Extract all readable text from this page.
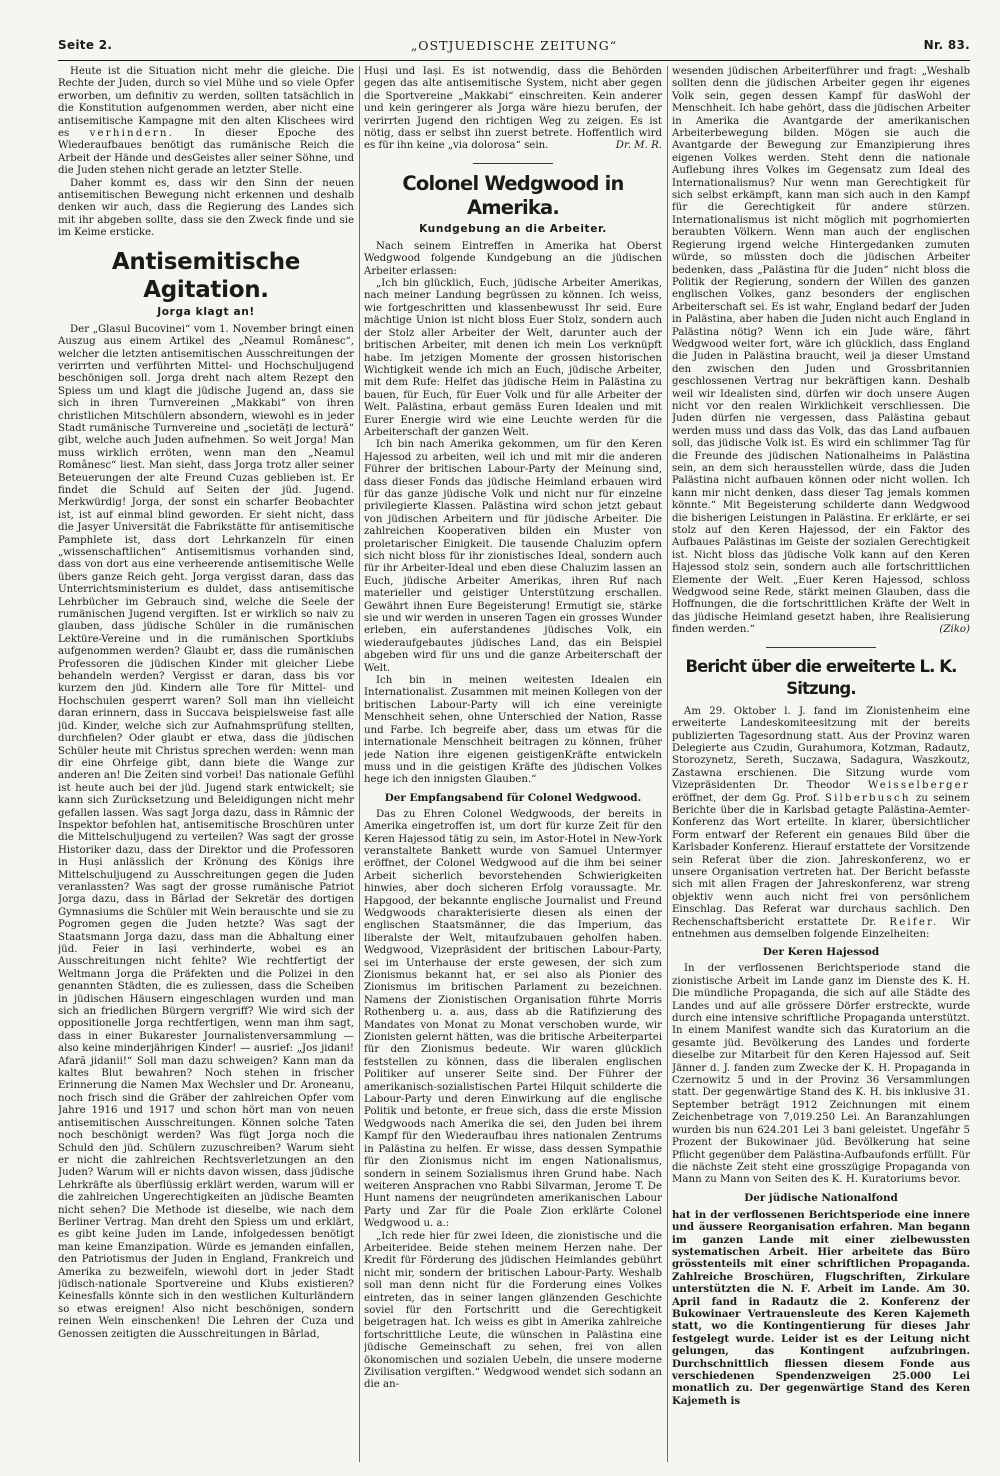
Seite 2.	„OSTJUEDISCHE ZEITUNG“	Nr. 83.

Heute ist die Situation nicht mehr die gleiche. Die Rechte der Juden, durch so viel Mühe und so viele Opfer erworben, um definitiv zu werden, sollten tatsächlich in die Konstitution aufgenommen werden, aber nicht eine antisemitische Kampagne mit den alten Klischees wird es verhindern. In dieser Epoche des Wiederaufbaues benötigt das rumänische Reich die Arbeit der Hände und desGeistes aller seiner Söhne, und die Juden stehen nicht gerade an letzter Stelle.

Daher kommt es, dass wir den Sinn der neuen antisemitischen Bewegung nicht erkennen und deshalb denken wir auch, dass die Regierung des Landes sich mit ihr abgeben sollte, dass sie den Zweck finde und sie im Keime ersticke.

Antisemitische Agitation.
Jorga klagt an!

Der „Glasul Bucovinei“ vom 1. November bringt einen Auszug aus einem Artikel des „Neamul Românesc“, welcher die letzten antisemitischen Ausschreitungen der verirrten und verführten Mittel- und Hochschuljugend beschönigen soll. Jorga dreht nach altem Rezept den Spiess um und klagt die jüdische Jugend an, dass sie sich in ihren Turnvereinen „Makkabi“ von ihren christlichen Mitschülern absondern, wiewohl es in jeder Stadt rumänische Turnvereine und „societăți de lectură“ gibt, welche auch Juden aufnehmen. So weit Jorga! Man muss wirklich erröten, wenn man den „Neamul Românesc“ liest. Man sieht, dass Jorga trotz aller seiner Beteuerungen der alte Freund Cuzas geblieben ist. Er findet die Schuld auf Seiten der jüd. Jugend. Merkwürdig! Jorga, der sonst ein scharfer Beobachter ist, ist auf einmal blind geworden. Er sieht nicht, dass die Jasyer Universität die Fabrikstätte für antisemitische Pamphlete ist, dass dort Lehrkanzeln für einen „wissenschaftlichen“ Antisemitismus vorhanden sind, dass von dort aus eine verheerende antisemitische Welle übers ganze Reich geht. Jorga vergisst daran, dass das Unterrichtsministerium es duldet, dass antisemitische Lehrbücher im Gebrauch sind, welche die Seele der rumänischen Jugend vergiften. Ist er wirklich so naiv zu glauben, dass jüdische Schüler in die rumänischen Lektüre-Vereine und in die rumänischen Sportklubs aufgenommen werden? Glaubt er, dass die rumänischen Professoren die jüdischen Kinder mit gleicher Liebe behandeln werden? Vergisst er daran, dass bis vor kurzem den jüd. Kindern alle Tore für Mittel- und Hochschulen gesperrt waren? Soll man ihn vielleicht daran erinnern, dass in Succava beispielsweise fast alle jüd. Kinder, welche sich zur Aufnahmsprüfung stellten, durchfielen? Oder glaubt er etwa, dass die jüdischen Schüler heute mit Christus sprechen werden: wenn man dir eine Ohrfeige gibt, dann biete die Wange zur anderen an! Die Zeiten sind vorbei! Das nationale Gefühl ist heute auch bei der jüd. Jugend stark entwickelt; sie kann sich Zurücksetzung und Beleidigungen nicht mehr gefallen lassen. Was sagt Jorga dazu, dass in Râmnic der Inspektor befohlen hat, antisemitische Broschüren unter die Mittelschuljugend zu verteilen? Was sagt der grosse Historiker dazu, dass der Direktor und die Professoren in Huși anlässlich der Krönung des Königs ihre Mittelschuljugend zu Ausschreitungen gegen die Juden veranlassten? Was sagt der grosse rumänische Patriot Jorga dazu, dass in Bârlad der Sekretär des dortigen Gymnasiums die Schüler mit Wein berauschte und sie zu Pogromen gegen die Juden hetzte? Was sagt der Staatsmann Jorga dazu, dass man die Abhaltung einer jüd. Feier in Iași verhinderte, wobei es an Ausschreitungen nicht fehlte? Wie rechtfertigt der Weltmann Jorga die Präfekten und die Polizei in den genannten Städten, die es zuliessen, dass die Scheiben in jüdischen Häusern eingeschlagen wurden und man sich an friedlichen Bürgern vergriff? Wie wird sich der oppositionelle Jorga rechtfertigen, wenn man ihm sagt, dass in einer Bukarester Journalistenversammlung — also keine minderjährigen Kinder! — ausrief: „Jos jidani! Afară jidanii!“ Soll man dazu schweigen? Kann man da kaltes Blut bewahren? Noch stehen in frischer Erinnerung die Namen Max Wechsler und Dr. Aroneanu, noch frisch sind die Gräber der zahlreichen Opfer vom Jahre 1916 und 1917 und schon hört man von neuen antisemitischen Ausschreitungen. Können solche Taten noch beschönigt werden? Was fügt Jorga noch die Schuld den jüd. Schülern zuzuschreiben? Warum sieht er nicht die zahlreichen Rechtsverletzungen an den Juden? Warum will er nichts davon wissen, dass jüdische Lehrkräfte als überflüssig erklärt werden, warum will er die zahlreichen Ungerechtigkeiten an jüdische Beamten nicht sehen? Die Methode ist dieselbe, wie nach dem Berliner Vertrag. Man dreht den Spiess um und erklärt, es gibt keine Juden im Lande, infolgedessen benötigt man keine Emanzipation. Würde es jemanden einfallen, den Patriotismus der Juden in England, Frankreich und Amerika zu bezweifeln, wiewohl dort in jeder Stadt jüdisch-nationale Sportvereine und Klubs existieren? Keinesfalls könnte sich in den westlichen Kulturländern so etwas ereignen! Also nicht beschönigen, sondern reinen Wein einschenken! Die Lehren der Cuza und Genossen zeitigten die Ausschreitungen in Bârlad,

Huși und Iași. Es ist notwendig, dass die Behörden gegen das alte antisemitische System, nicht aber gegen die Sportvereine „Makkabi“ einschreiten. Kein anderer und kein geringerer als Jorga wäre hiezu berufen, der verirrten Jugend den richtigen Weg zu zeigen. Es ist nötig, dass er selbst ihn zuerst betrete. Hoffentlich wird es für ihn keine „via dolorosa“ sein.	Dr. M. R.

Colonel Wedgwood in Amerika.
Kundgebung an die Arbeiter.

Nach seinem Eintreffen in Amerika hat Oberst Wedgwood folgende Kundgebung an die jüdischen Arbeiter erlassen:

„Ich bin glücklich, Euch, jüdische Arbeiter Amerikas, nach meiner Landung begrüssen zu können. Ich weiss, wie fortgeschritten und klassenbewusst Ihr seid. Eure mächtige Union ist nicht bloss Euer Stolz, sondern auch der Stolz aller Arbeiter der Welt, darunter auch der britischen Arbeiter, mit denen ich mein Los verknüpft habe. Im jetzigen Momente der grossen historischen Wichtigkeit wende ich mich an Euch, jüdische Arbeiter, mit dem Rufe: Helfet das jüdische Heim in Palästina zu bauen, für Euch, für Euer Volk und für alle Arbeiter der Welt. Palästina, erbaut gemäss Euren Idealen und mit Eurer Energie wird wie eine Leuchte werden für die Arbeiterschaft der ganzen Welt.

Ich bin nach Amerika gekommen, um für den Keren Hajessod zu arbeiten, weil ich und mit mir die anderen Führer der britischen Labour-Party der Meinung sind, dass dieser Fonds das jüdische Heimland erbauen wird für das ganze jüdische Volk und nicht nur für einzelne privilegierte Klassen. Palästina wird schon jetzt gebaut von jüdischen Arbeitern und für jüdische Arbeiter. Die zahlreichen Kooperativen bilden ein Muster von proletarischer Einigkeit. Die tausende Chaluzim opfern sich nicht bloss für ihr zionistisches Ideal, sondern auch für ihr Arbeiter-Ideal und eben diese Chaluzim lassen an Euch, jüdische Arbeiter Amerikas, ihren Ruf nach materieller und geistiger Unterstützung erschallen. Gewährt ihnen Eure Begeisterung! Ermutigt sie, stärke sie und wir werden in unseren Tagen ein grosses Wunder erleben, ein auferstandenes jüdisches Volk, ein wiederaufgebautes jüdisches Land, das ein Beispiel abgeben wird für uns und die ganze Arbeiterschaft der Welt.

Ich bin in meinen weitesten Idealen ein Internationalist. Zusammen mit meinen Kollegen von der britischen Labour-Party will ich eine vereinigte Menschheit sehen, ohne Unterschied der Nation, Rasse und Farbe. Ich begreife aber, dass um etwas für die internationale Menschheit beitragen zu können, früher jede Nation ihre eigenen geistigenKräfte entwickeln muss und in die geistigen Kräfte des jüdischen Volkes hege ich den innigsten Glauben.“

Der Empfangsabend für Colonel Wedgwood.

Das zu Ehren Colonel Wedgwoods, der bereits in Amerika eingetroffen ist, um dort für kurze Zeit für den Keren Hajessod tätig zu sein, im Astor-Hotel in New-York veranstaltete Bankett wurde von Samuel Untermyer eröffnet, der Colonel Wedgwood auf die ihm bei seiner Arbeit sicherlich bevorstehenden Schwierigkeiten hinwies, aber doch sicheren Erfolg voraussagte. Mr. Hapgood, der bekannte englische Journalist und Freund Wedgwoods charakterisierte diesen als einen der englischen Staatsmänner, die das Imperium, das liberalste der Welt, mitaufzubauen geholfen haben. Wedgwood, Vizepräsident der britischen Labour-Party, sei im Unterhause der erste gewesen, der sich zum Zionismus bekannt hat, er sei also als Pionier des Zionismus im britischen Parlament zu bezeichnen. Namens der Zionistischen Organisation führte Morris Rothenberg u. a. aus, dass ab die Ratifizierung des Mandates von Monat zu Monat verschoben wurde, wir Zionisten gelernt hätten, was die britische Arbeiterpartei für den Zionismus bedeute. Wir waren glücklich feststellen zu können, dass die liberalen englischen Politiker auf unserer Seite sind. Der Führer der amerikanisch-sozialistischen Partei Hilquit schilderte die Labour-Party und deren Einwirkung auf die englische Politik und betonte, er freue sich, dass die erste Mission Wedgwoods nach Amerika die sei, den Juden bei ihrem Kampf für den Wiederaufbau ihres nationalen Zentrums in Palästina zu helfen. Er wisse, dass dessen Sympathie für den Zionismus nicht im engen Nationalismus, sondern in seinem Sozialismus ihren Grund habe. Nach weiteren Ansprachen vno Rabbi Silvarman, Jerome T. De Hunt namens der neugründeten amerikanischen Labour Party und Zar für die Poale Zion erklärte Colonel Wedgwood u. a.:

„Ich rede hier für zwei Ideen, die zionistische und die Arbeiteridee. Beide stehen meinem Herzen nahe. Der Kredit für Förderung des jüdischen Heimlandes gebührt nicht mir, sondern der britischen Labour-Party. Weshalb soll man denn nicht für die Forderung eines Volkes eintreten, das in seiner langen glänzenden Geschichte soviel für den Fortschritt und die Gerechtigkeit beigetragen hat. Ich weiss es gibt in Amerika zahlreiche fortschrittliche Leute, die wünschen in Palästina eine jüdische Gemeinschaft zu sehen, frei von allen ökonomischen und sozialen Uebeln, die unsere moderne Zivilisation vergiften.“ Wedgwood wendet sich sodann an die an-

wesenden jüdischen Arbeiterführer und fragt: „Weshalb sollten denn die jüdischen Arbeiter gegen ihr eigenes Volk sein, gegen dessen Kampf für dasWohl der Menschheit. Ich habe gehört, dass die jüdischen Arbeiter in Amerika die Avantgarde der amerikanischen Arbeiterbewegung bilden. Mögen sie auch die Avantgarde der Bewegung zur Emanzipierung ihres eigenen Volkes werden. Steht denn die nationale Auflebung ihres Volkes im Gegensatz zum Ideal des Internationalismus? Nur wenn man Gerechtigkeit für sich selbst erkämpft, kann man sich auch in den Kampf für die Gerechtigkeit für andere stürzen. Internationalismus ist nicht möglich mit pogrhomierten beraubten Völkern. Wenn man auch der englischen Regierung irgend welche Hintergedanken zumuten würde, so müssten doch die jüdischen Arbeiter bedenken, dass „Palästina für die Juden“ nicht bloss die Politik der Regierung, sondern der Willen des ganzen englischen Volkes, ganz besonders der englischen Arbeiterschaft sei. Es ist wahr, England bedarf der Juden in Palästina, aber haben die Juden nicht auch England in Palästina nötig? Wenn ich ein Jude wäre, fährt Wedgwood weiter fort, wäre ich glücklich, dass England die Juden in Palästina braucht, weil ja dieser Umstand den zwischen den Juden und Grossbritannien geschlossenen Vertrag nur bekräftigen kann. Deshalb weil wir Idealisten sind, dürfen wir doch unsere Augen nicht vor den realen Wirklichkeit verschliessen. Die Juden dürfen nie vergessen, dass Palästina gebaut werden muss und dass das Volk, das das Land aufbauen soll, das jüdische Volk ist. Es wird ein schlimmer Tag für die Freunde des jüdischen Nationalheims in Palästina sein, an dem sich herausstellen würde, dass die Juden Palästina nicht aufbauen können oder nicht wollen. Ich kann mir nicht denken, dass dieser Tag jemals kommen könnte.“ Mit Begeisterung schilderte dann Wedgwood die bisherigen Leistungen in Palästina. Er erklärte, er sei stolz auf den Keren Hajessod, der ein Faktor des Aufbaues Palästinas im Geiste der sozialen Gerechtigkeit ist. Nicht bloss das jüdische Volk kann auf den Keren Hajessod stolz sein, sondern auch alle fortschrittlichen Elemente der Welt. „Euer Keren Hajessod, schloss Wedgwood seine Rede, stärkt meinen Glauben, dass die Hoffnungen, die die fortschrittlichen Kräfte der Welt in das jüdische Heimland gesetzt haben, ihre Realisierung finden werden.“	(Ziko)

Bericht über die erweiterte L. K. Sitzung.

Am 29. Oktober l. J. fand im Zionistenheim eine erweiterte Landeskomiteesitzung mit der bereits publizierten Tagesordnung statt. Aus der Provinz waren Delegierte aus Czudin, Gurahumora, Kotzman, Radautz, Storozynetz, Sereth, Suczawa, Sadagura, Waszkoutz, Zastawna erschienen. Die Sitzung wurde vom Vizepräsidenten Dr. Theodor Weisselberger eröffnet, der dem Gg. Prof. Silberbusch zu seinem Berichte über die in Karlsbad getagte Palästina-Aemter-Konferenz das Wort erteilte. In klarer, übersichtlicher Form entwarf der Referent ein genaues Bild über die Karlsbader Konferenz. Hierauf erstattete der Vorsitzende sein Referat über die zion. Jahreskonferenz, wo er unsere Organisation vertreten hat. Der Bericht befasste sich mit allen Fragen der Jahreskonferenz, war streng objektiv wenn auch nicht frei von persönlichem Einschlag. Das Referat war durchaus sachlich. Den Rechenschaftsbericht erstattete Dr. Reifer. Wir entnehmen aus demselben folgende Einzelheiten:

Der Keren Hajessod

In der verflossenen Berichtsperiode stand die zionistische Arbeit im Lande ganz im Dienste des K. H. Die mündliche Propaganda, die sich auf alle Städte des Landes und auf alle grössere Dörfer erstreckte, wurde durch eine intensive schriftliche Propaganda unterstützt. In einem Manifest wandte sich das Kuratorium an die gesamte jüd. Bevölkerung des Landes und forderte dieselbe zur Mitarbeit für den Keren Hajessod auf. Seit Jänner d. J. fanden zum Zwecke der K. H. Propaganda in Czernowitz 5 und in der Provinz 36 Versammlungen statt. Der gegenwärtige Stand des K. H. bis inklusive 31. September beträgt 1912 Zeichnungen mit einem Zeichenbetrage von 7,019.250 Lei. An Baranzahlungen wurden bis nun 624.201 Lei 3 bani geleistet. Ungefähr 5 Prozent der Bukowinaer jüd. Bevölkerung hat seine Pflicht gegenüber dem Palästina-Aufbaufonds erfüllt. Für die nächste Zeit steht eine grosszügige Propaganda von Mann zu Mann von Seiten des K. H. Kuratoriums bevor.

Der jüdische Nationalfond

hat in der verflossenen Berichtsperiode eine innere und äussere Reorganisation erfahren. Man begann im ganzen Lande mit einer zielbewussten systematischen Arbeit. Hier arbeitete das Büro grösstenteils mit einer schriftlichen Propaganda. Zahlreiche Broschüren, Flugschriften, Zirkulare unterstützten die N. F. Arbeit im Lande. Am 30. April fand in Radautz die 2. Konferenz der Bukowinaer Vertrauensleute des Keren Kajemeth statt, wo die Kontingentierung für dieses Jahr festgelegt wurde. Leider ist es der Leitung nicht gelungen, das Kontingent aufzubringen. Durchschnittlich fliessen diesem Fonde aus verschiedenen Spendenzweigen 25.000 Lei monatlich zu. Der gegenwärtige Stand des Keren Kajemeth is
